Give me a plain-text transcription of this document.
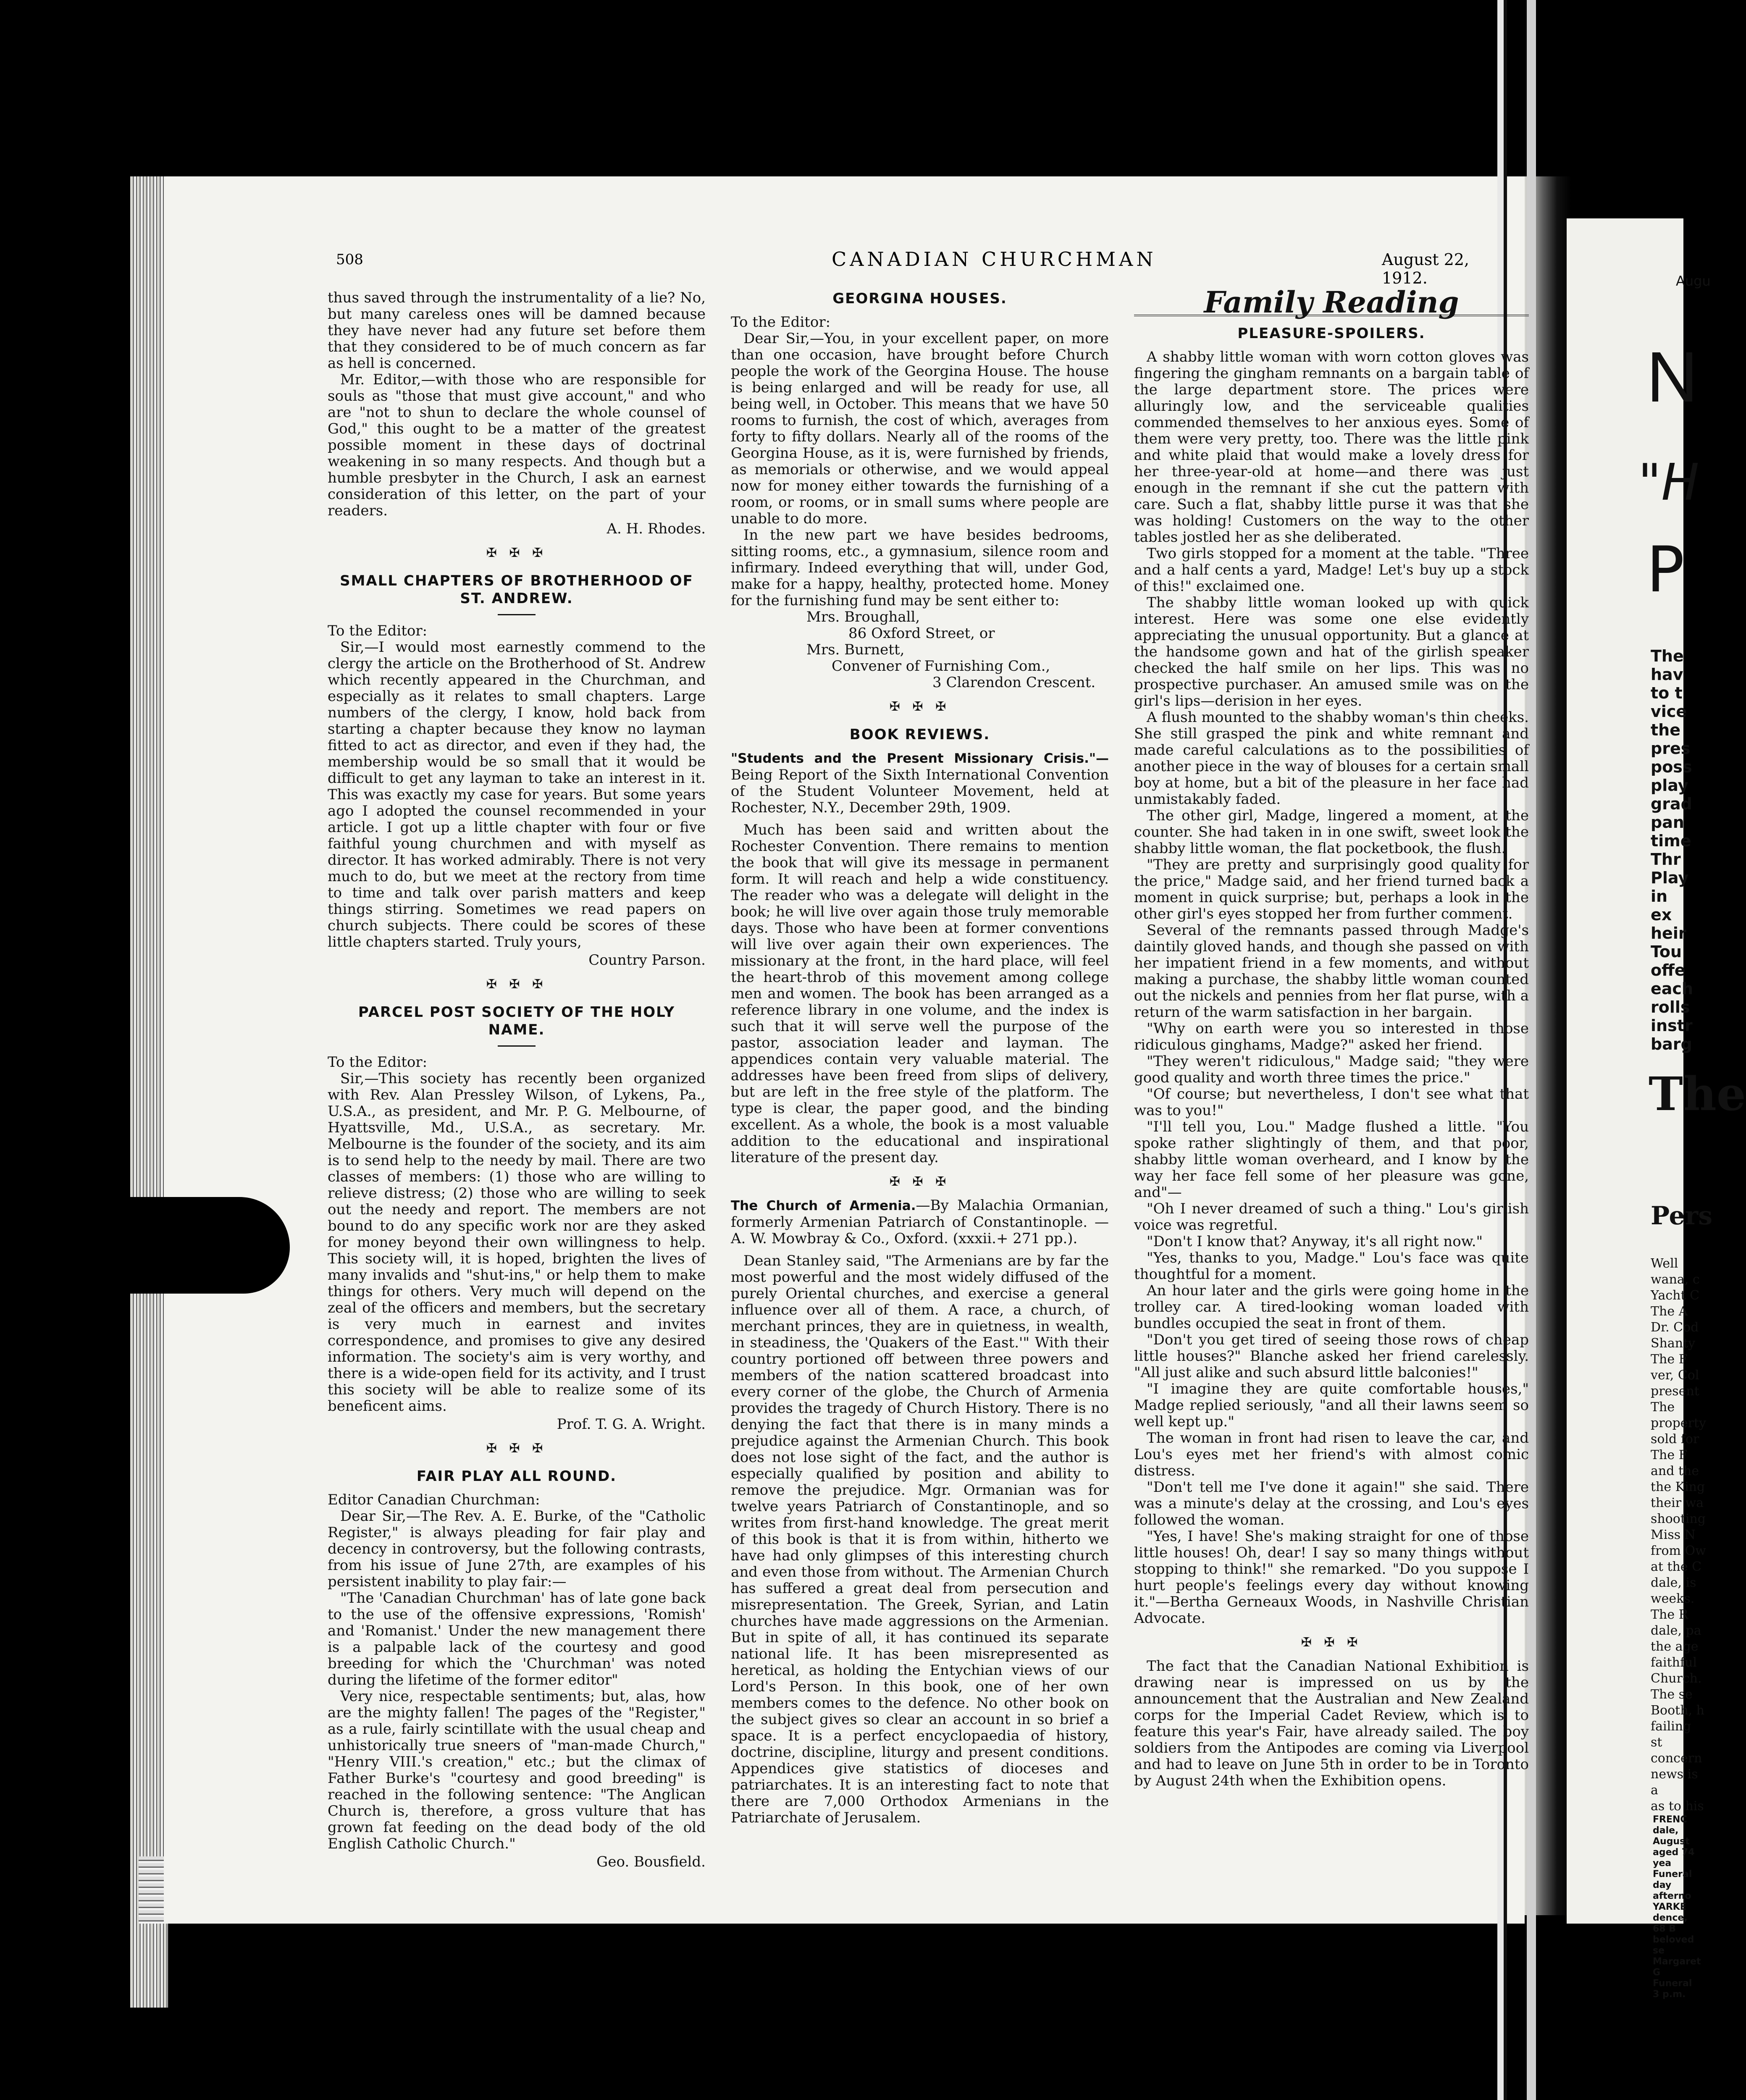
508	CANADIAN CHURCHMAN	August 22, 1912.

thus saved through the instrumentality of a lie? No, but many careless ones will be damned because they have never had any future set before them that they considered to be of much concern as far as hell is concerned.

Mr. Editor,—with those who are responsible for souls as "those that must give account," and who are "not to shun to declare the whole counsel of God," this ought to be a matter of the greatest possible moment in these days of doctrinal weakening in so many respects. And though but a humble presbyter in the Church, I ask an earnest consideration of this letter, on the part of your readers.

A. H. Rhodes.

✠ ✠ ✠
SMALL CHAPTERS OF BROTHERHOOD OF ST. ANDREW.

To the Editor:

Sir,—I would most earnestly commend to the clergy the article on the Brotherhood of St. Andrew which recently appeared in the Churchman, and especially as it relates to small chapters. Large numbers of the clergy, I know, hold back from starting a chapter because they know no layman fitted to act as director, and even if they had, the membership would be so small that it would be difficult to get any layman to take an interest in it. This was exactly my case for years. But some years ago I adopted the counsel recommended in your article. I got up a little chapter with four or five faithful young churchmen and with myself as director. It has worked admirably. There is not very much to do, but we meet at the rectory from time to time and talk over parish matters and keep things stirring. Sometimes we read papers on church subjects. There could be scores of these little chapters started. Truly yours,

Country Parson.

✠ ✠ ✠
PARCEL POST SOCIETY OF THE HOLY NAME.

To the Editor:

Sir,—This society has recently been organized with Rev. Alan Pressley Wilson, of Lykens, Pa., U.S.A., as president, and Mr. P. G. Melbourne, of Hyattsville, Md., U.S.A., as secretary. Mr. Melbourne is the founder of the society, and its aim is to send help to the needy by mail. There are two classes of members: (1) those who are willing to relieve distress; (2) those who are willing to seek out the needy and report. The members are not bound to do any specific work nor are they asked for money beyond their own willingness to help. This society will, it is hoped, brighten the lives of many invalids and "shut-ins," or help them to make things for others. Very much will depend on the zeal of the officers and members, but the secretary is very much in earnest and invites correspondence, and promises to give any desired information. The society's aim is very worthy, and there is a wide-open field for its activity, and I trust this society will be able to realize some of its beneficent aims.

Prof. T. G. A. Wright.

✠ ✠ ✠
FAIR PLAY ALL ROUND.

Editor Canadian Churchman:

Dear Sir,—The Rev. A. E. Burke, of the "Catholic Register," is always pleading for fair play and decency in controversy, but the following contrasts, from his issue of June 27th, are examples of his persistent inability to play fair:—

"The 'Canadian Churchman' has of late gone back to the use of the offensive expressions, 'Romish' and 'Romanist.' Under the new management there is a palpable lack of the courtesy and good breeding for which the 'Churchman' was noted during the lifetime of the former editor"

Very nice, respectable sentiments; but, alas, how are the mighty fallen! The pages of the "Register," as a rule, fairly scintillate with the usual cheap and unhistorically true sneers of "man-made Church," "Henry VIII.'s creation," etc.; but the climax of Father Burke's "courtesy and good breeding" is reached in the following sentence: "The Anglican Church is, therefore, a gross vulture that has grown fat feeding on the dead body of the old English Catholic Church."

Geo. Bousfield.

GEORGINA HOUSES.

To the Editor:

Dear Sir,—You, in your excellent paper, on more than one occasion, have brought before Church people the work of the Georgina House. The house is being enlarged and will be ready for use, all being well, in October. This means that we have 50 rooms to furnish, the cost of which, averages from forty to fifty dollars. Nearly all of the rooms of the Georgina House, as it is, were furnished by friends, as memorials or otherwise, and we would appeal now for money either towards the furnishing of a room, or rooms, or in small sums where people are unable to do more.

In the new part we have besides bedrooms, sitting rooms, etc., a gymnasium, silence room and infirmary. Indeed everything that will, under God, make for a happy, healthy, protected home. Money for the furnishing fund may be sent either to:

Mrs. Broughall,

86 Oxford Street, or

Mrs. Burnett,

Convener of Furnishing Com.,

3 Clarendon Crescent.

✠ ✠ ✠
BOOK REVIEWS.

"Students and the Present Missionary Crisis."— Being Report of the Sixth International Convention of the Student Volunteer Movement, held at Rochester, N.Y., December 29th, 1909.

Much has been said and written about the Rochester Convention. There remains to mention the book that will give its message in permanent form. It will reach and help a wide constituency. The reader who was a delegate will delight in the book; he will live over again those truly memorable days. Those who have been at former conventions will live over again their own experiences. The missionary at the front, in the hard place, will feel the heart-throb of this movement among college men and women. The book has been arranged as a reference library in one volume, and the index is such that it will serve well the purpose of the pastor, association leader and layman. The appendices contain very valuable material. The addresses have been freed from slips of delivery, but are left in the free style of the platform. The type is clear, the paper good, and the binding excellent. As a whole, the book is a most valuable addition to the educational and inspirational literature of the present day.

✠ ✠ ✠

The Church of Armenia.—By Malachia Ormanian, formerly Armenian Patriarch of Constantinople. —A. W. Mowbray & Co., Oxford. (xxxii.+ 271 pp.).

Dean Stanley said, "The Armenians are by far the most powerful and the most widely diffused of the purely Oriental churches, and exercise a general influence over all of them. A race, a church, of merchant princes, they are in quietness, in wealth, in steadiness, the 'Quakers of the East.'" With their country portioned off between three powers and members of the nation scattered broadcast into every corner of the globe, the Church of Armenia provides the tragedy of Church History. There is no denying the fact that there is in many minds a prejudice against the Armenian Church. This book does not lose sight of the fact, and the author is especially qualified by position and ability to remove the prejudice. Mgr. Ormanian was for twelve years Patriarch of Constantinople, and so writes from first-hand knowledge. The great merit of this book is that it is from within, hitherto we have had only glimpses of this interesting church and even those from without. The Armenian Church has suffered a great deal from persecution and misrepresentation. The Greek, Syrian, and Latin churches have made aggressions on the Armenian. But in spite of all, it has continued its separate national life. It has been misrepresented as heretical, as holding the Entychian views of our Lord's Person. In this book, one of her own members comes to the defence. No other book on the subject gives so clear an account in so brief a space. It is a perfect encyclopaedia of history, doctrine, discipline, liturgy and present conditions. Appendices give statistics of dioceses and patriarchates. It is an interesting fact to note that there are 7,000 Orthodox Armenians in the Patriarchate of Jerusalem.

Family Reading
PLEASURE-SPOILERS.

A shabby little woman with worn cotton gloves was fingering the gingham remnants on a bargain table of the large department store. The prices were alluringly low, and the serviceable qualities commended themselves to her anxious eyes. Some of them were very pretty, too. There was the little pink and white plaid that would make a lovely dress for her three-year-old at home—and there was just enough in the remnant if she cut the pattern with care. Such a flat, shabby little purse it was that she was holding! Customers on the way to the other tables jostled her as she deliberated.

Two girls stopped for a moment at the table. "Three and a half cents a yard, Madge! Let's buy up a stock of this!" exclaimed one.

The shabby little woman looked up with quick interest. Here was some one else evidently appreciating the unusual opportunity. But a glance at the handsome gown and hat of the girlish speaker checked the half smile on her lips. This was no prospective purchaser. An amused smile was on the girl's lips—derision in her eyes.

A flush mounted to the shabby woman's thin cheeks. She still grasped the pink and white remnant and made careful calculations as to the possibilities of another piece in the way of blouses for a certain small boy at home, but a bit of the pleasure in her face had unmistakably faded.

The other girl, Madge, lingered a moment, at the counter. She had taken in in one swift, sweet look the shabby little woman, the flat pocketbook, the flush.

"They are pretty and surprisingly good quality for the price," Madge said, and her friend turned back a moment in quick surprise; but, perhaps a look in the other girl's eyes stopped her from further comment.

Several of the remnants passed through Madge's daintily gloved hands, and though she passed on with her impatient friend in a few moments, and without making a purchase, the shabby little woman counted out the nickels and pennies from her flat purse, with a return of the warm satisfaction in her bargain.

"Why on earth were you so interested in those ridiculous ginghams, Madge?" asked her friend.

"They weren't ridiculous," Madge said; "they were good quality and worth three times the price."

"Of course; but nevertheless, I don't see what that was to you!"

"I'll tell you, Lou." Madge flushed a little. "You spoke rather slightingly of them, and that poor, shabby little woman overheard, and I know by the way her face fell some of her pleasure was gone, and"—

"Oh I never dreamed of such a thing." Lou's girlish voice was regretful.

"Don't I know that? Anyway, it's all right now."

"Yes, thanks to you, Madge." Lou's face was quite thoughtful for a moment.

An hour later and the girls were going home in the trolley car. A tired-looking woman loaded with bundles occupied the seat in front of them.

"Don't you get tired of seeing those rows of cheap little houses?" Blanche asked her friend carelessly. "All just alike and such absurd little balconies!"

"I imagine they are quite comfortable houses," Madge replied seriously, "and all their lawns seem so well kept up."

The woman in front had risen to leave the car, and Lou's eyes met her friend's with almost comic distress.

"Don't tell me I've done it again!" she said. There was a minute's delay at the crossing, and Lou's eyes followed the woman.

"Yes, I have! She's making straight for one of those little houses! Oh, dear! I say so many things without stopping to think!" she remarked. "Do you suppose I hurt people's feelings every day without knowing it."—Bertha Gerneaux Woods, in Nashville Christian Advocate.

✠ ✠ ✠

The fact that the Canadian National Exhibition is drawing near is impressed on us by the announcement that the Australian and New Zealand corps for the Imperial Cadet Review, which is to feature this year's Fair, have already sailed. The boy soldiers from the Antipodes are coming via Liverpool and had to leave on June 5th in order to be in Toronto by August 24th when the Exhibition opens.

Augu
N
"H
P
The
hav
to t
vice
the
pres
poss
play
grad
pan
time
Thr
Play
in ex
heir
Tou
offe
each
rolls
instr
barg
The
Pers
Well
wana, c
Yacht C
The A
Dr. Cod
Shanty
The F
ver, Col
present
The
property
sold for
The F
and the
the King
their wa
shooting
Miss N
from Ow
at the C
dale, is
weeks.
The R
dale, pa
the age
faithful
Church.
The se
Booth, h
failing st
concern
news is a
as to his
FRENC
dale, August
aged 74 yea
Funeral
day afterno
YARKE
dence, 68 B
beloved se
Margaret G
Funeral
3 p.m.
